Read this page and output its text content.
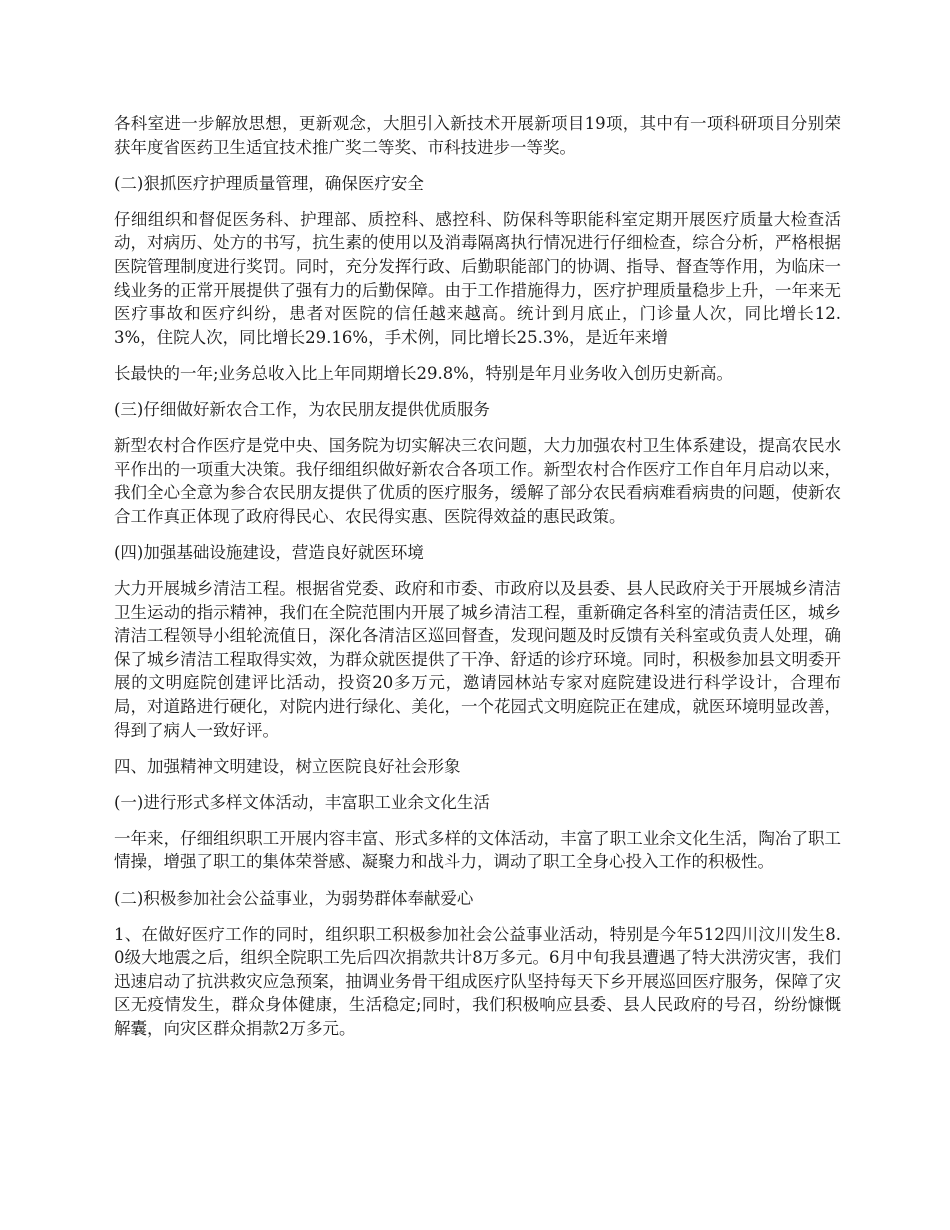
各科室进一步解放思想，更新观念，大胆引入新技术开展新项目19项，其中有一项科研项目分别荣获年度省医药卫生适宜技术推广奖二等奖、市科技进步一等奖。

(二)狠抓医疗护理质量管理，确保医疗安全

仔细组织和督促医务科、护理部、质控科、感控科、防保科等职能科室定期开展医疗质量大检查活动，对病历、处方的书写，抗生素的使用以及消毒隔离执行情况进行仔细检查，综合分析，严格根据医院管理制度进行奖罚。同时，充分发挥行政、后勤职能部门的协调、指导、督查等作用，为临床一线业务的正常开展提供了强有力的后勤保障。由于工作措施得力，医疗护理质量稳步上升，一年来无医疗事故和医疗纠纷，患者对医院的信任越来越高。统计到月底止，门诊量人次，同比增长12.3%，住院人次，同比增长29.16%，手术例，同比增长25.3%，是近年来增

长最快的一年;业务总收入比上年同期增长29.8%，特别是年月业务收入创历史新高。

(三)仔细做好新农合工作，为农民朋友提供优质服务

新型农村合作医疗是党中央、国务院为切实解决三农问题，大力加强农村卫生体系建设，提高农民水平作出的一项重大决策。我仔细组织做好新农合各项工作。新型农村合作医疗工作自年月启动以来，我们全心全意为参合农民朋友提供了优质的医疗服务，缓解了部分农民看病难看病贵的问题，使新农合工作真正体现了政府得民心、农民得实惠、医院得效益的惠民政策。

(四)加强基础设施建设，营造良好就医环境

大力开展城乡清洁工程。根据省党委、政府和市委、市政府以及县委、县人民政府关于开展城乡清洁卫生运动的指示精神，我们在全院范围内开展了城乡清洁工程，重新确定各科室的清洁责任区，城乡清洁工程领导小组轮流值日，深化各清洁区巡回督查，发现问题及时反馈有关科室或负责人处理，确保了城乡清洁工程取得实效，为群众就医提供了干净、舒适的诊疗环境。同时，积极参加县文明委开展的文明庭院创建评比活动，投资20多万元，邀请园林站专家对庭院建设进行科学设计，合理布局，对道路进行硬化，对院内进行绿化、美化，一个花园式文明庭院正在建成，就医环境明显改善，得到了病人一致好评。

四、加强精神文明建设，树立医院良好社会形象

(一)进行形式多样文体活动，丰富职工业余文化生活

一年来，仔细组织职工开展内容丰富、形式多样的文体活动，丰富了职工业余文化生活，陶冶了职工情操，增强了职工的集体荣誉感、凝聚力和战斗力，调动了职工全身心投入工作的积极性。

(二)积极参加社会公益事业，为弱势群体奉献爱心

1、在做好医疗工作的同时，组织职工积极参加社会公益事业活动，特别是今年512四川汶川发生8.0级大地震之后，组织全院职工先后四次捐款共计8万多元。6月中旬我县遭遇了特大洪涝灾害，我们迅速启动了抗洪救灾应急预案，抽调业务骨干组成医疗队坚持每天下乡开展巡回医疗服务，保障了灾区无疫情发生，群众身体健康，生活稳定;同时，我们积极响应县委、县人民政府的号召，纷纷慷慨解囊，向灾区群众捐款2万多元。
